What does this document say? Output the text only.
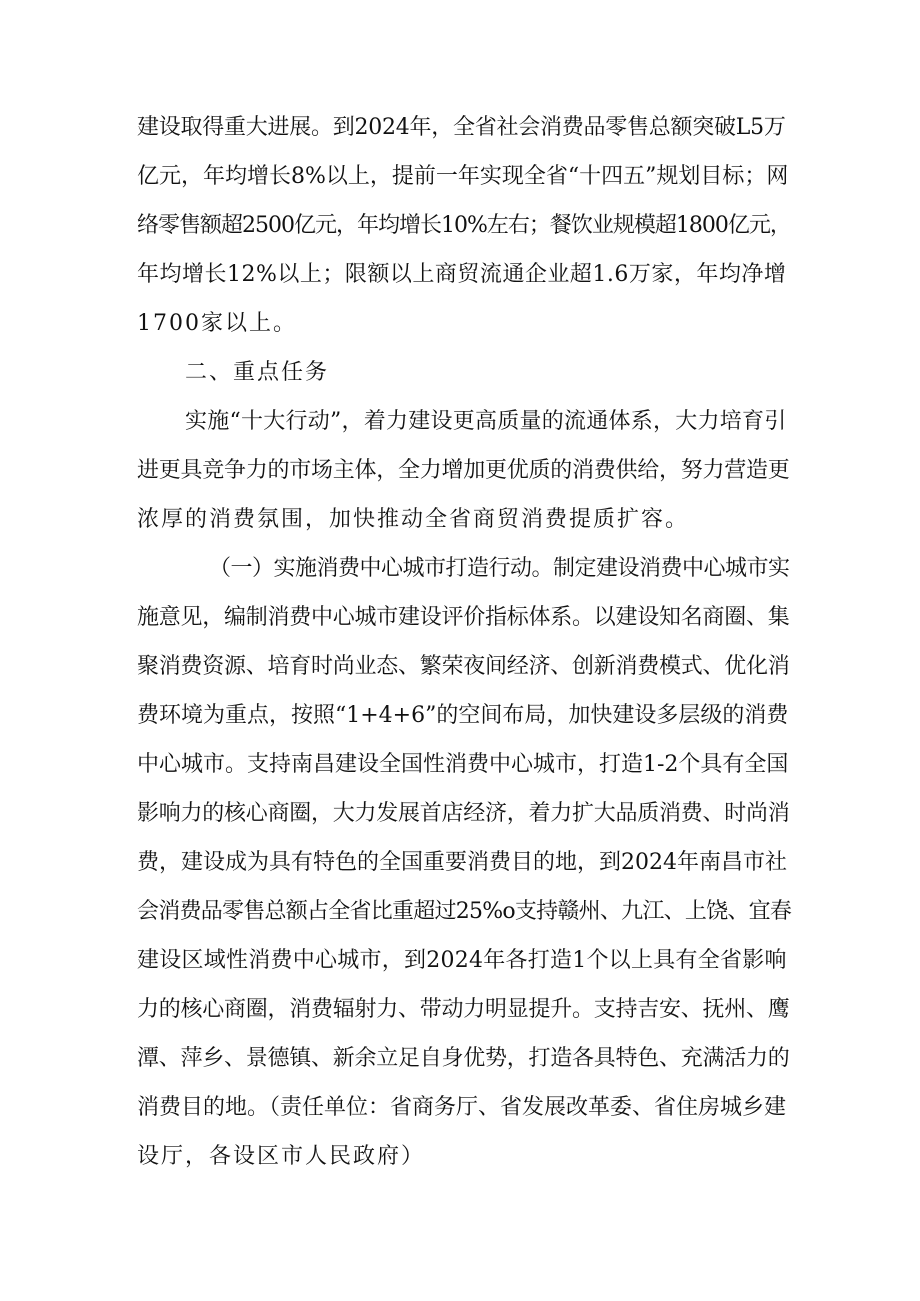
建设取得重大进展。到2024年，全省社会消费品零售总额突破L5万
亿元，年均增长8%以上，提前一年实现全省“十四五”规划目标；网
络零售额超2500亿元，年均增长10%左右；餐饮业规模超1800亿元，
年均增长12%以上；限额以上商贸流通企业超1.6万家，年均净增
1700家以上。
二、重点任务
实施“十大行动”，着力建设更高质量的流通体系，大力培育引
进更具竞争力的市场主体，全力增加更优质的消费供给，努力营造更
浓厚的消费氛围，加快推动全省商贸消费提质扩容。
（一）实施消费中心城市打造行动。制定建设消费中心城市实
施意见，编制消费中心城市建设评价指标体系。以建设知名商圈、集
聚消费资源、培育时尚业态、繁荣夜间经济、创新消费模式、优化消
费环境为重点，按照“1+4+6”的空间布局，加快建设多层级的消费
中心城市。支持南昌建设全国性消费中心城市，打造1-2个具有全国
影响力的核心商圈，大力发展首店经济，着力扩大品质消费、时尚消
费，建设成为具有特色的全国重要消费目的地，到2024年南昌市社
会消费品零售总额占全省比重超过25%o支持赣州、九江、上饶、宜春
建设区域性消费中心城市，到2024年各打造1个以上具有全省影响
力的核心商圈，消费辐射力、带动力明显提升。支持吉安、抚州、鹰
潭、萍乡、景德镇、新余立足自身优势，打造各具特色、充满活力的
消费目的地。（责任单位：省商务厅、省发展改革委、省住房城乡建
设厅，各设区市人民政府）
